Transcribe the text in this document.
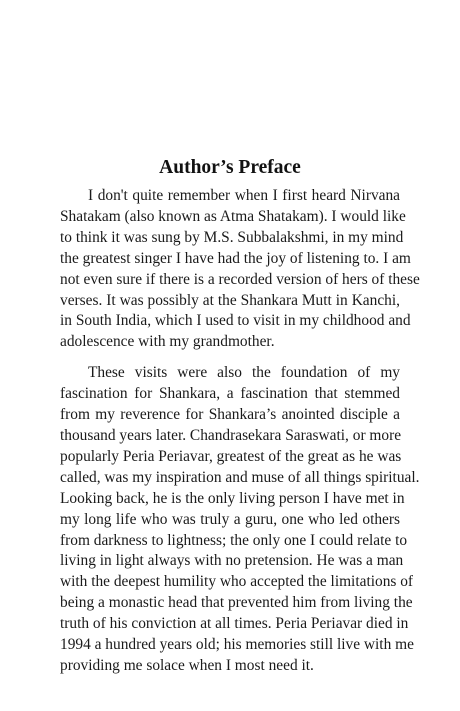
Author’s Preface

I don't quite remember when I first heard Nirvana
Shatakam (also known as Atma Shatakam). I would like
to think it was sung by M.S. Subbalakshmi, in my mind
the greatest singer I have had the joy of listening to. I am
not even sure if there is a recorded version of hers of these
verses. It was possibly at the Shankara Mutt in Kanchi,
in South India, which I used to visit in my childhood and
adolescence with my grandmother.

These visits were also the foundation of my
fascination for Shankara, a fascination that stemmed
from my reverence for Shankara’s anointed disciple a
thousand years later. Chandrasekara Saraswati, or more
popularly Peria Periavar, greatest of the great as he was
called, was my inspiration and muse of all things spiritual.
Looking back, he is the only living person I have met in
my long life who was truly a guru, one who led others
from darkness to lightness; the only one I could relate to
living in light always with no pretension. He was a man
with the deepest humility who accepted the limitations of
being a monastic head that prevented him from living the
truth of his conviction at all times. Peria Periavar died in
1994 a hundred years old; his memories still live with me
providing me solace when I most need it.
